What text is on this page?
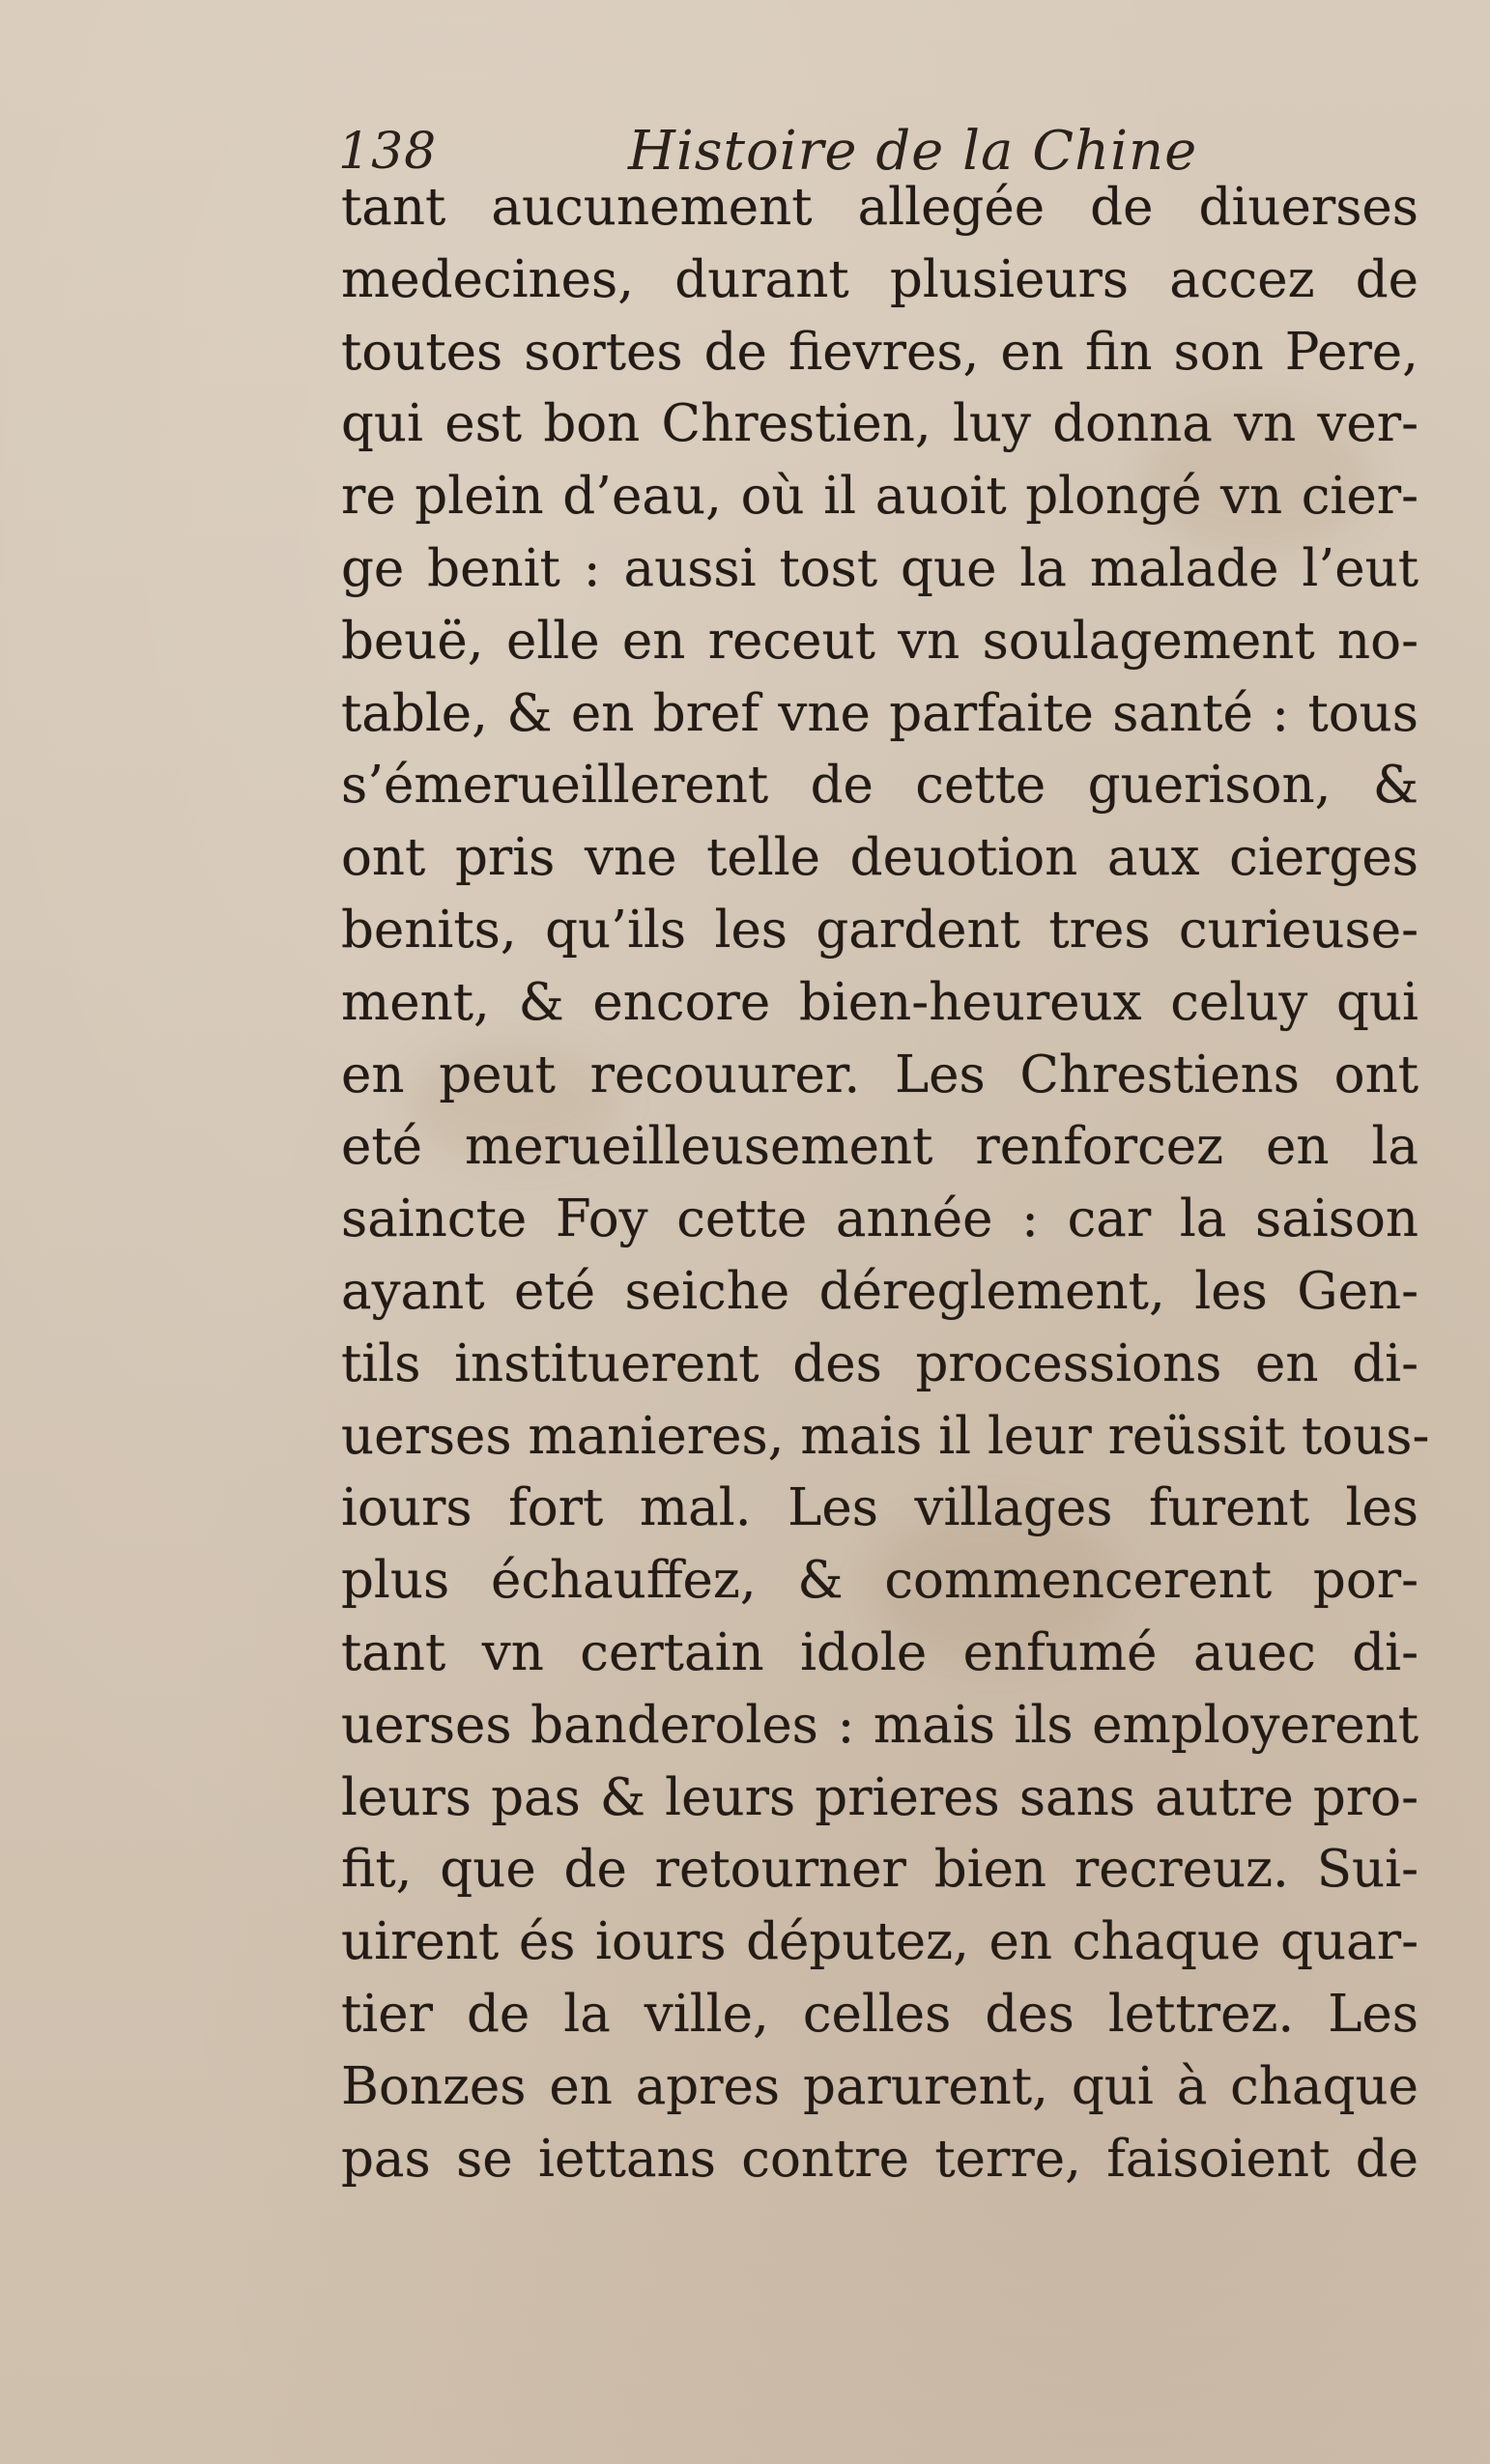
138	Histoire de la Chine
tant aucunement allegée de diuerses
medecines, durant plusieurs accez de
toutes sortes de fievres, en fin son Pere,
qui est bon Chrestien, luy donna vn ver-
re plein d’eau, où il auoit plongé vn cier-
ge benit : aussi tost que la malade l’eut
beuë, elle en receut vn soulagement no-
table, & en bref vne parfaite santé : tous
s’émerueillerent de cette guerison, &
ont pris vne telle deuotion aux cierges
benits, qu’ils les gardent tres curieuse-
ment, & encore bien-heureux celuy qui
en peut recouurer. Les Chrestiens ont
eté merueilleusement renforcez en la
saincte Foy cette année : car la saison
ayant eté seiche déreglement, les Gen-
tils instituerent des processions en di-
uerses manieres, mais il leur reüssit tous-
iours fort mal. Les villages furent les
plus échauffez, & commencerent por-
tant vn certain idole enfumé auec di-
uerses banderoles : mais ils employerent
leurs pas & leurs prieres sans autre pro-
fit, que de retourner bien recreuz. Sui-
uirent és iours députez, en chaque quar-
tier de la ville, celles des lettrez. Les
Bonzes en apres parurent, qui à chaque
pas se iettans contre terre, faisoient de
